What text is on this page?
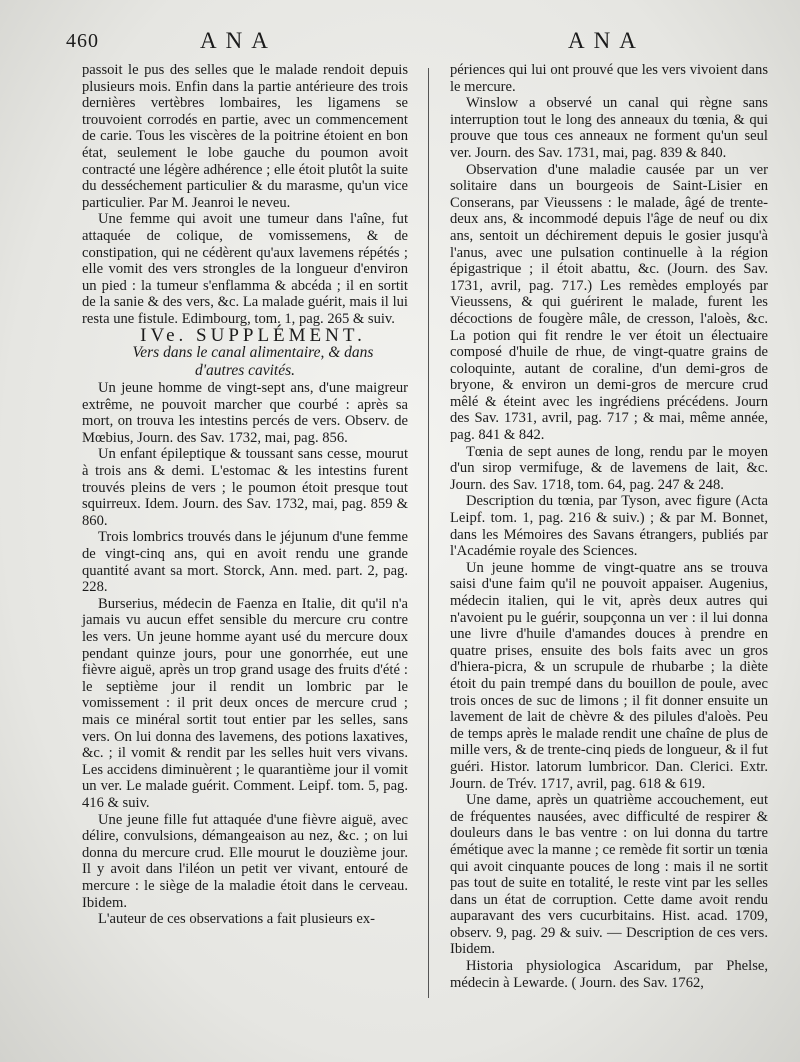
460	ANA	ANA

passoit le pus des selles que le malade rendoit depuis plusieurs mois. Enfin dans la partie antérieure des trois dernières vertèbres lombaires, les ligamens se trouvoient corrodés en partie, avec un commencement de carie. Tous les viscères de la poitrine étoient en bon état, seulement le lobe gauche du poumon avoit contracté une légère adhérence ; elle étoit plutôt la suite du desséchement particulier & du marasme, qu'un vice particulier. Par M. Jeanroi le neveu.

Une femme qui avoit une tumeur dans l'aîne, fut attaquée de colique, de vomissemens, & de constipation, qui ne cédèrent qu'aux lavemens répétés ; elle vomit des vers strongles de la longueur d'environ un pied : la tumeur s'enflamma & abcéda ; il en sortit de la sanie & des vers, &c. La malade guérit, mais il lui resta une fistule. Edimbourg, tom. 1, pag. 265 & suiv.

IVe. SUPPLÉMENT.

Vers dans le canal alimentaire, & dans d'autres cavités.

Un jeune homme de vingt-sept ans, d'une maigreur extrême, ne pouvoit marcher que courbé : après sa mort, on trouva les intestins percés de vers. Observ. de Mœbius, Journ. des Sav. 1732, mai, pag. 856.

Un enfant épileptique & toussant sans cesse, mourut à trois ans & demi. L'estomac & les intestins furent trouvés pleins de vers ; le poumon étoit presque tout squirreux. Idem. Journ. des Sav. 1732, mai, pag. 859 & 860.

Trois lombrics trouvés dans le jéjunum d'une femme de vingt-cinq ans, qui en avoit rendu une grande quantité avant sa mort. Storck, Ann. med. part. 2, pag. 228.

Burserius, médecin de Faenza en Italie, dit qu'il n'a jamais vu aucun effet sensible du mercure cru contre les vers. Un jeune homme ayant usé du mercure doux pendant quinze jours, pour une gonorrhée, eut une fièvre aiguë, après un trop grand usage des fruits d'été : le septième jour il rendit un lombric par le vomissement : il prit deux onces de mercure crud ; mais ce minéral sortit tout entier par les selles, sans vers. On lui donna des lavemens, des potions laxatives, &c. ; il vomit & rendit par les selles huit vers vivans. Les accidens diminuèrent ; le quarantième jour il vomit un ver. Le malade guérit. Comment. Leipf. tom. 5, pag. 416 & suiv.

Une jeune fille fut attaquée d'une fièvre aiguë, avec délire, convulsions, démangeaison au nez, &c. ; on lui donna du mercure crud. Elle mourut le douzième jour. Il y avoit dans l'iléon un petit ver vivant, entouré de mercure : le siège de la maladie étoit dans le cerveau. Ibidem.

L'auteur de ces observations a fait plusieurs ex-

périences qui lui ont prouvé que les vers vivoient dans le mercure.

Winslow a observé un canal qui règne sans interruption tout le long des anneaux du tœnia, & qui prouve que tous ces anneaux ne forment qu'un seul ver. Journ. des Sav. 1731, mai, pag. 839 & 840.

Observation d'une maladie causée par un ver solitaire dans un bourgeois de Saint-Lisier en Conserans, par Vieussens : le malade, âgé de trente-deux ans, & incommodé depuis l'âge de neuf ou dix ans, sentoit un déchirement depuis le gosier jusqu'à l'anus, avec une pulsation continuelle à la région épigastrique ; il étoit abattu, &c. (Journ. des Sav. 1731, avril, pag. 717.) Les remèdes employés par Vieussens, & qui guérirent le malade, furent les décoctions de fougère mâle, de cresson, l'aloès, &c. La potion qui fit rendre le ver étoit un électuaire composé d'huile de rhue, de vingt-quatre grains de coloquinte, autant de coraline, d'un demi-gros de bryone, & environ un demi-gros de mercure crud mêlé & éteint avec les ingrédiens précédens. Journ des Sav. 1731, avril, pag. 717 ; & mai, même année, pag. 841 & 842.

Tœnia de sept aunes de long, rendu par le moyen d'un sirop vermifuge, & de lavemens de lait, &c. Journ. des Sav. 1718, tom. 64, pag. 247 & 248.

Description du tœnia, par Tyson, avec figure (Acta Leipf. tom. 1, pag. 216 & suiv.) ; & par M. Bonnet, dans les Mémoires des Savans étrangers, publiés par l'Académie royale des Sciences.

Un jeune homme de vingt-quatre ans se trouva saisi d'une faim qu'il ne pouvoit appaiser. Augenius, médecin italien, qui le vit, après deux autres qui n'avoient pu le guérir, soupçonna un ver : il lui donna une livre d'huile d'amandes douces à prendre en quatre prises, ensuite des bols faits avec un gros d'hiera-picra, & un scrupule de rhubarbe ; la diète étoit du pain trempé dans du bouillon de poule, avec trois onces de suc de limons ; il fit donner ensuite un lavement de lait de chèvre & des pilules d'aloès. Peu de temps après le malade rendit une chaîne de plus de mille vers, & de trente-cinq pieds de longueur, & il fut guéri. Histor. latorum lumbricor. Dan. Clerici. Extr. Journ. de Trév. 1717, avril, pag. 618 & 619.

Une dame, après un quatrième accouchement, eut de fréquentes nausées, avec difficulté de respirer & douleurs dans le bas ventre : on lui donna du tartre émétique avec la manne ; ce remède fit sortir un tœnia qui avoit cinquante pouces de long : mais il ne sortit pas tout de suite en totalité, le reste vint par les selles dans un état de corruption. Cette dame avoit rendu auparavant des vers cucurbitains. Hist. acad. 1709, observ. 9, pag. 29 & suiv. — Description de ces vers. Ibidem.

Historia physiologica Ascaridum, par Phelse, médecin à Lewarde. ( Journ. des Sav. 1762,
